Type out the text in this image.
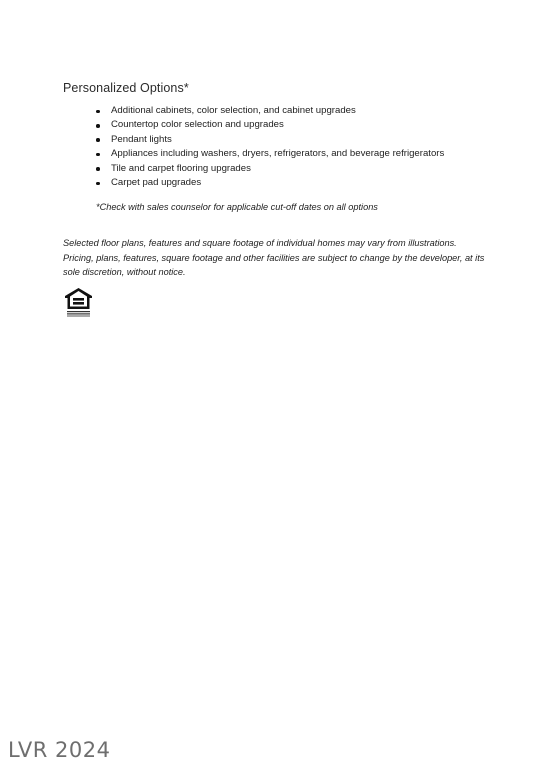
Personalized Options*
Additional cabinets, color selection, and cabinet upgrades
Countertop color selection and upgrades
Pendant lights
Appliances including washers, dryers, refrigerators, and beverage refrigerators
Tile and carpet flooring upgrades
Carpet pad upgrades
*Check with sales counselor for applicable cut-off dates on all options
Selected floor plans, features and square footage of individual homes may vary from illustrations. Pricing, plans, features, square footage and other facilities are subject to change by the developer, at its sole discretion, without notice.
LVR 2024
